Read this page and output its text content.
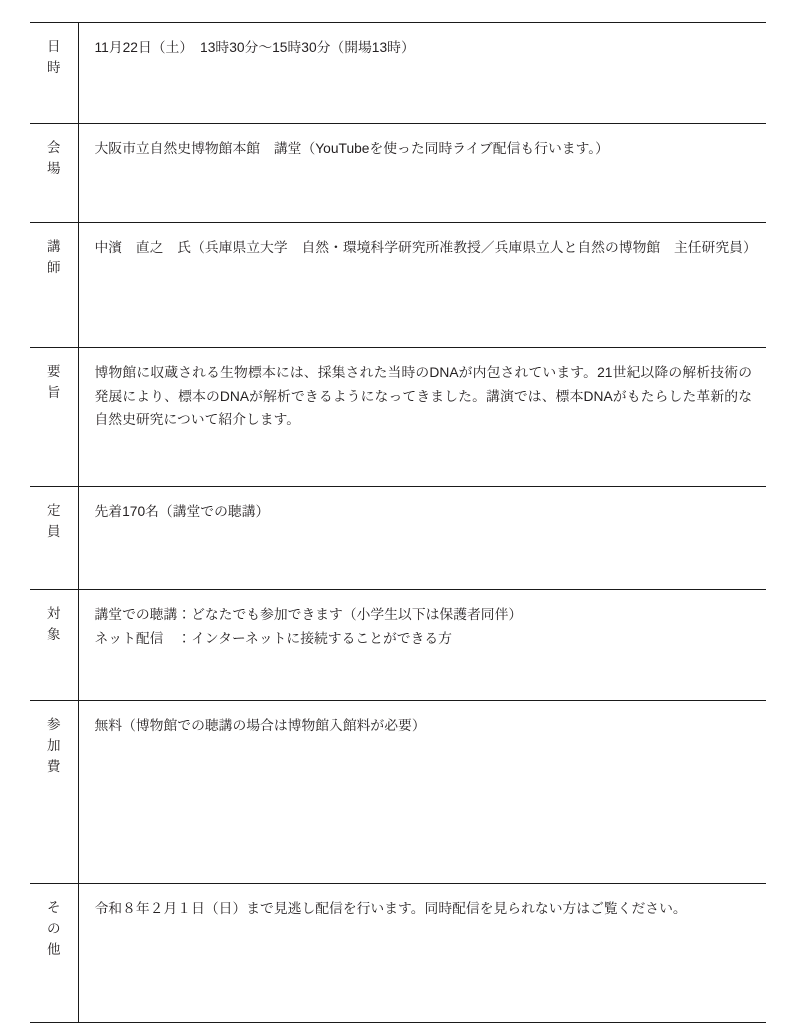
日時	11月22日（土）　13時30分〜15時30分（開場13時）

会場	大阪市立自然史博物館本館　講堂（YouTubeを使った同時ライブ配信も行います。）

講師	中濱　直之　氏（兵庫県立大学　自然・環境科学研究所准教授／兵庫県立人と自然の博物館　主任研究員）

要旨	博物館に収蔵される生物標本には、採集された当時のDNAが内包されています。21世紀以降の解析技術の発展により、標本のDNAが解析できるようになってきました。講演では、標本DNAがもたらした革新的な自然史研究について紹介します。

定員	先着170名（講堂での聴講）

対象	講堂での聴講：どなたでも参加できます（小学生以下は保護者同伴）
ネット配信　：インターネットに接続することができる方

参加費	無料（博物館での聴講の場合は博物館入館料が必要）

その他	令和８年２月１日（日）まで見逃し配信を行います。同時配信を見られない方はご覧ください。
